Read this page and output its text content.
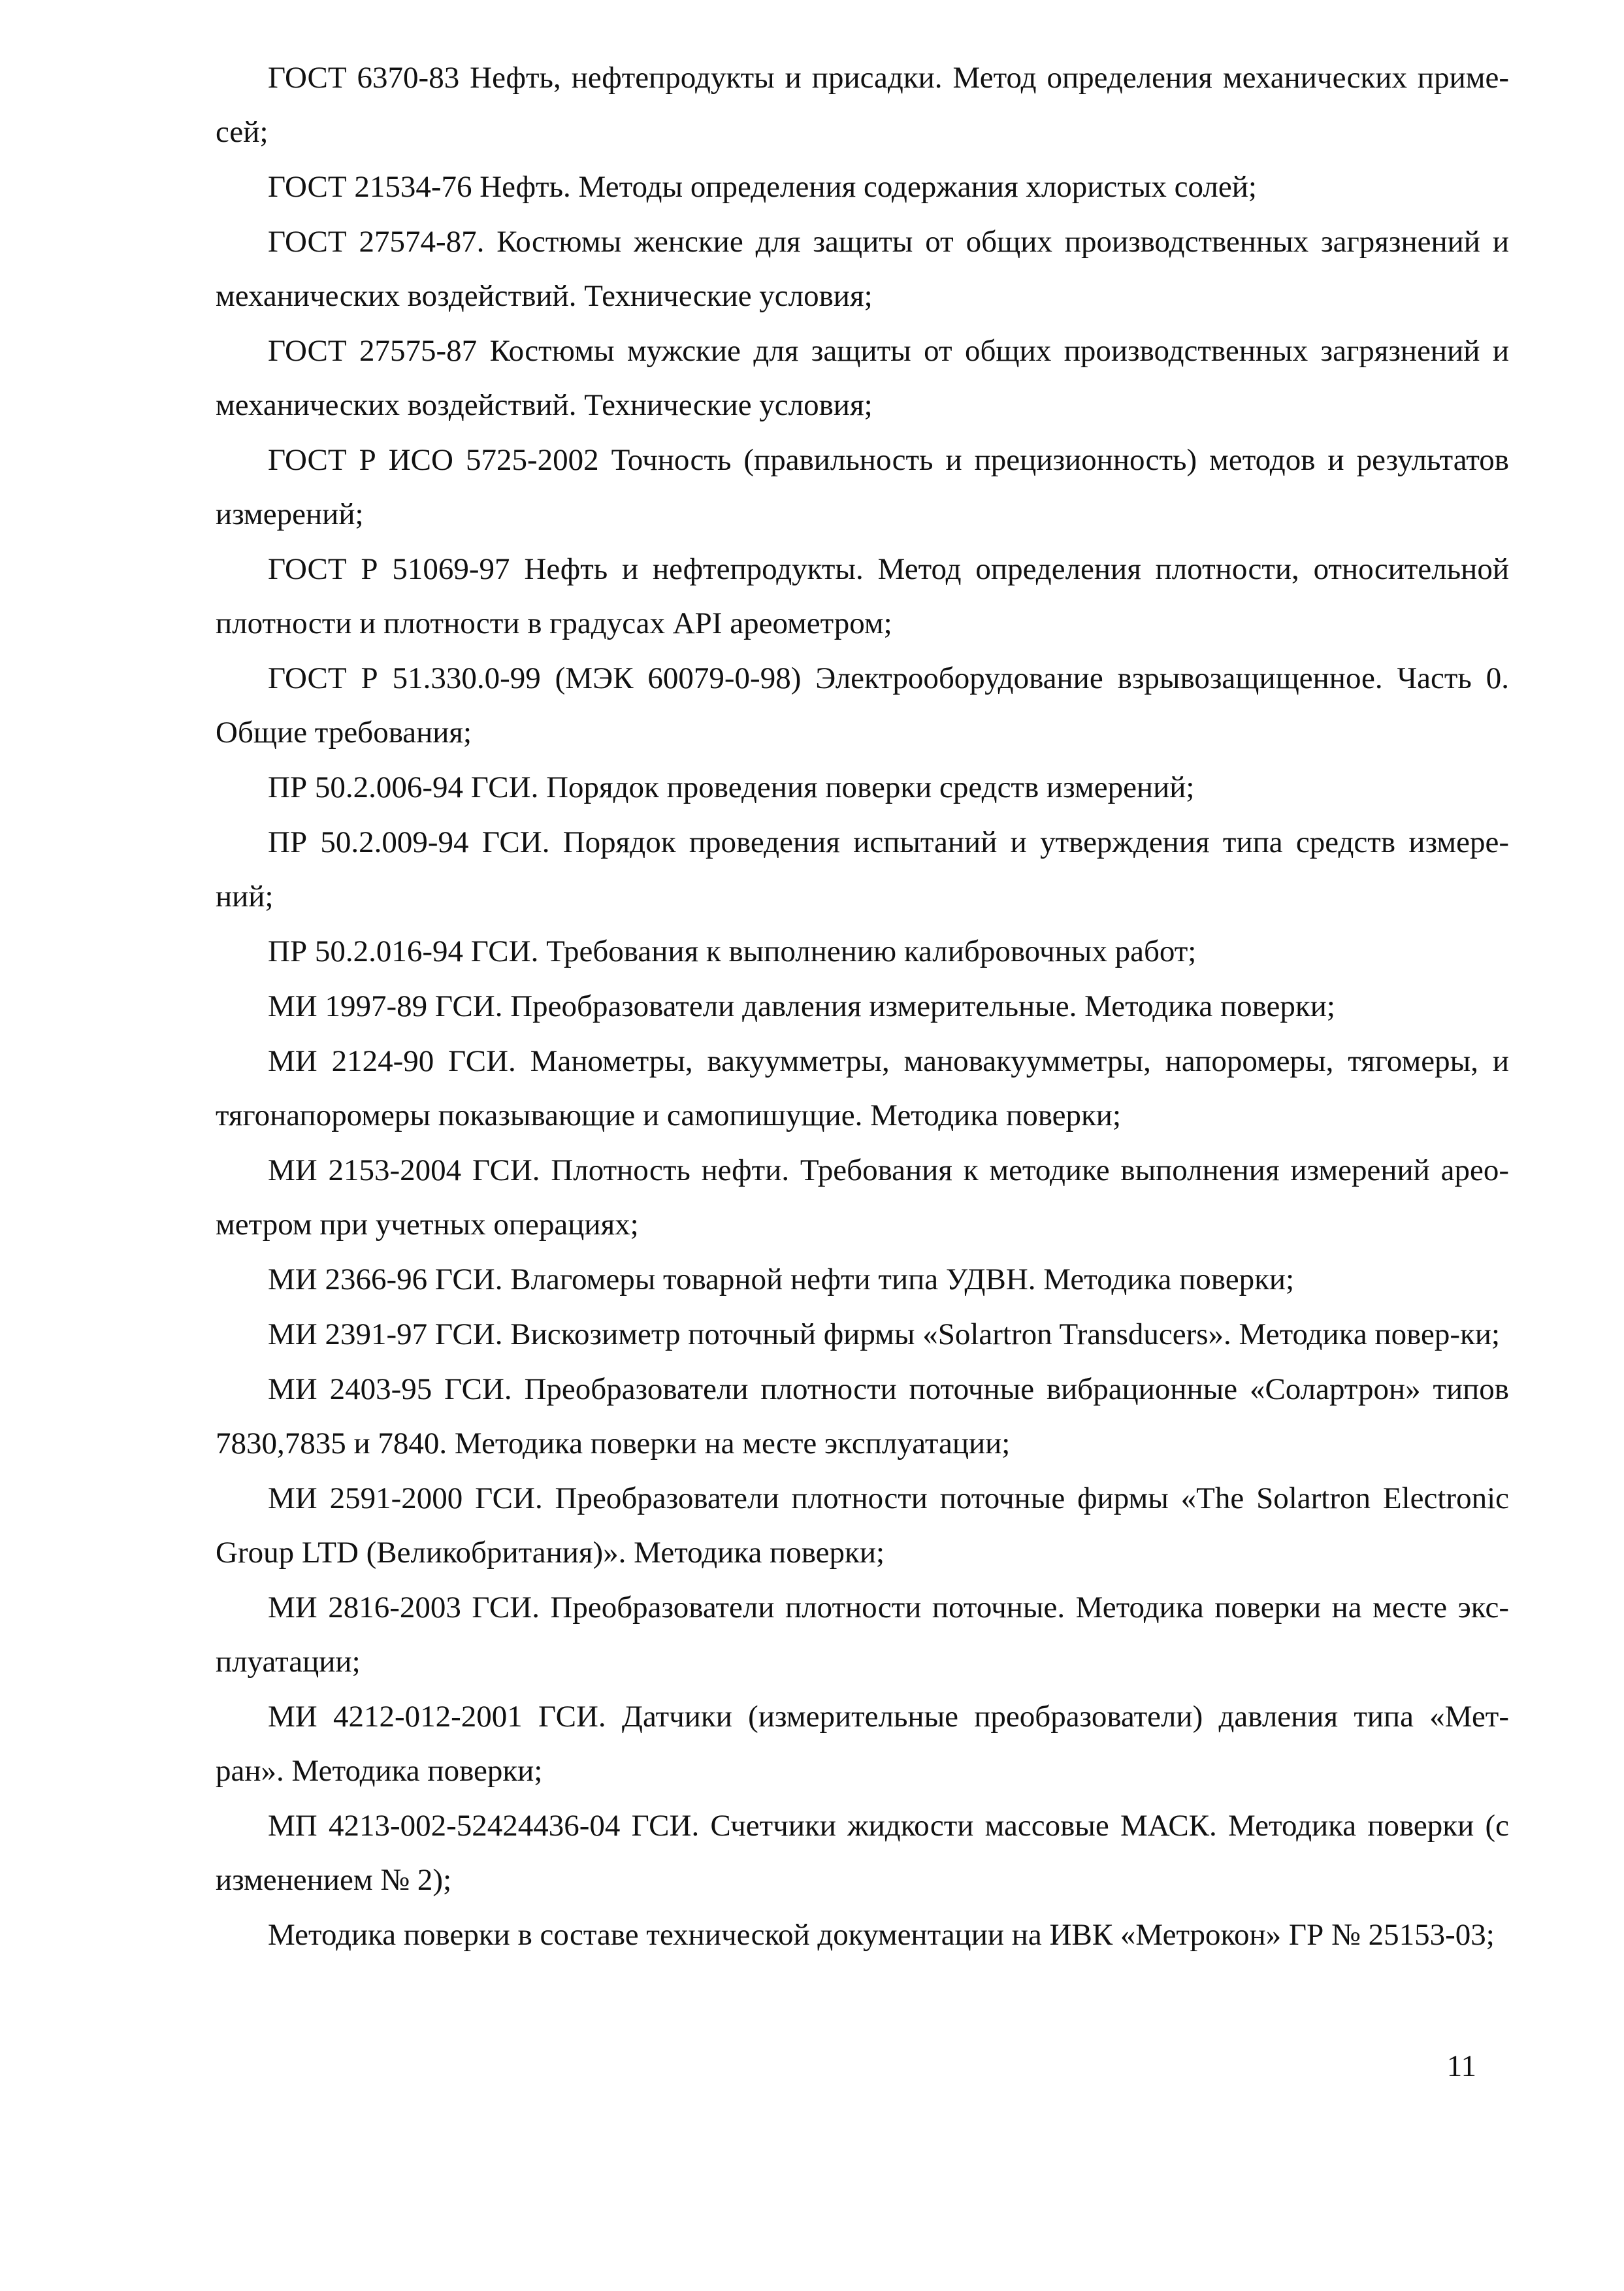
ГОСТ 6370-83 Нефть, нефтепродукты и присадки. Метод определения механических приме-сей;

ГОСТ 21534-76 Нефть. Методы определения содержания хлористых солей;

ГОСТ 27574-87. Костюмы женские для защиты от общих производственных загрязнений и механических воздействий. Технические условия;

ГОСТ 27575-87 Костюмы мужские для защиты от общих производственных загрязнений и механических воздействий. Технические условия;

ГОСТ Р ИСО 5725-2002 Точность (правильность и прецизионность) методов и результатов измерений;

ГОСТ Р 51069-97 Нефть и нефтепродукты. Метод определения плотности, относительной плотности и плотности в градусах API ареометром;

ГОСТ Р 51.330.0-99 (МЭК 60079-0-98) Электрооборудование взрывозащищенное. Часть 0. Общие требования;

ПР 50.2.006-94 ГСИ. Порядок проведения поверки средств измерений;

ПР 50.2.009-94 ГСИ. Порядок проведения испытаний и утверждения типа средств измере-ний;

ПР 50.2.016-94 ГСИ. Требования к выполнению калибровочных работ;

МИ 1997-89 ГСИ. Преобразователи давления измерительные. Методика поверки;

МИ 2124-90 ГСИ. Манометры, вакуумметры, мановакуумметры, напоромеры, тягомеры, и тягонапоромеры показывающие и самопишущие. Методика поверки;

МИ 2153-2004 ГСИ. Плотность нефти. Требования к методике выполнения измерений арео-метром при учетных операциях;

МИ 2366-96 ГСИ. Влагомеры товарной нефти типа УДВН. Методика поверки;

МИ 2391-97 ГСИ. Вискозиметр поточный фирмы «Solartron Transducers». Методика повер-ки;

МИ 2403-95 ГСИ. Преобразователи плотности поточные вибрационные «Солартрон» типов 7830,7835 и 7840. Методика поверки на месте эксплуатации;

МИ 2591-2000 ГСИ. Преобразователи плотности поточные фирмы «The Solartron Electronic Group LTD (Великобритания)». Методика поверки;

МИ 2816-2003 ГСИ. Преобразователи плотности поточные. Методика поверки на месте экс-плуатации;

МИ 4212-012-2001 ГСИ. Датчики (измерительные преобразователи) давления типа «Мет-ран». Методика поверки;

МП 4213-002-52424436-04 ГСИ. Счетчики жидкости массовые МАСК. Методика поверки (с изменением № 2);

Методика поверки в составе технической документации на ИВК «Метрокон» ГР № 25153-03;

11
